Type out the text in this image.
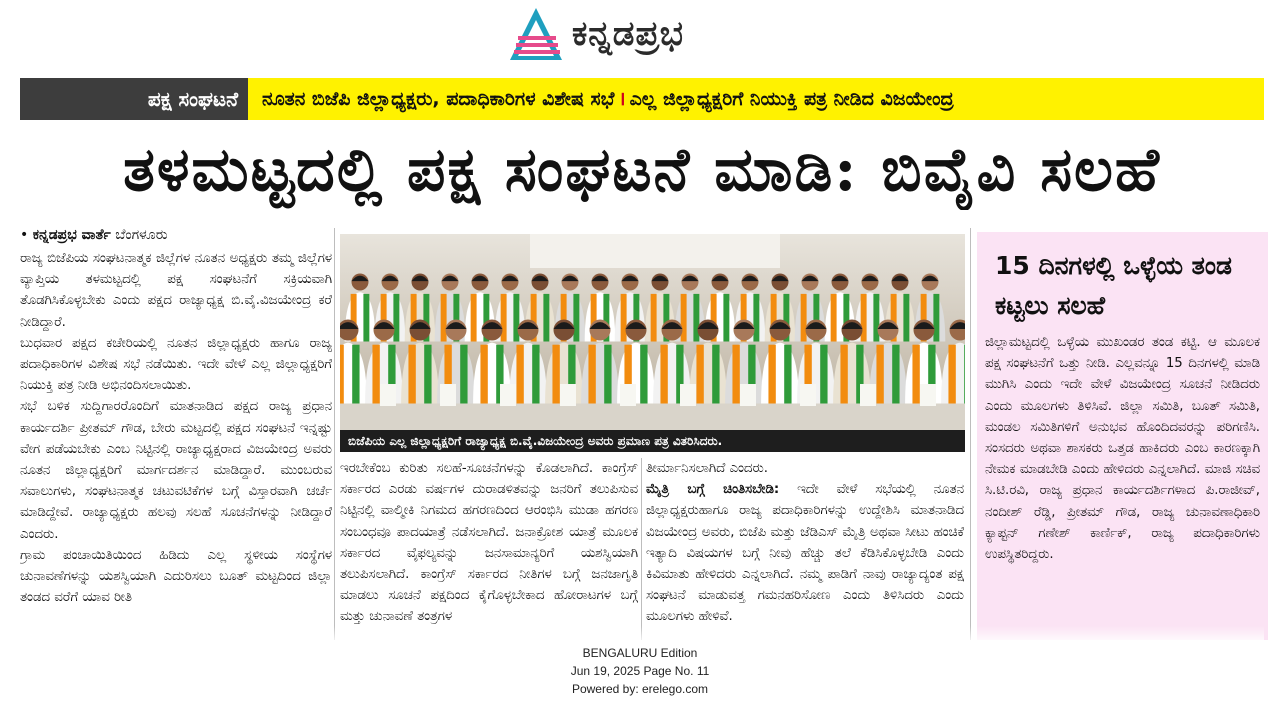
ಕನ್ನಡಪ್ರಭ
ಪಕ್ಷ ಸಂಘಟನೆ	ನೂತನ ಬಿಜೆಪಿ ಜಿಲ್ಲಾಧ್ಯಕ್ಷರು, ಪದಾಧಿಕಾರಿಗಳ ವಿಶೇಷ ಸಭೆ । ಎಲ್ಲ ಜಿಲ್ಲಾಧ್ಯಕ್ಷರಿಗೆ ನಿಯುಕ್ತಿ ಪತ್ರ ನೀಡಿದ ವಿಜಯೇಂದ್ರ
ತಳಮಟ್ಟದಲ್ಲಿ ಪಕ್ಷ ಸಂಘಟನೆ ಮಾಡಿ: ಬಿವೈವಿ ಸಲಹೆ
• ಕನ್ನಡಪ್ರಭ ವಾರ್ತೆ ಬೆಂಗಳೂರು

ರಾಜ್ಯ ಬಿಜೆಪಿಯ ಸಂಘಟನಾತ್ಮಕ ಜಿಲ್ಲೆಗಳ ನೂತನ ಅಧ್ಯಕ್ಷರು ತಮ್ಮ ಜಿಲ್ಲೆಗಳ ವ್ಯಾಪ್ತಿಯ ತಳಮಟ್ಟದಲ್ಲಿ ಪಕ್ಷ ಸಂಘಟನೆಗೆ ಸಕ್ರಿಯವಾಗಿ ತೊಡಗಿಸಿಕೊಳ್ಳಬೇಕು ಎಂದು ಪಕ್ಷದ ರಾಜ್ಯಾಧ್ಯಕ್ಷ ಬಿ.ವೈ.ವಿಜಯೇಂದ್ರ ಕರೆ ನೀಡಿದ್ದಾರೆ.

ಬುಧವಾರ ಪಕ್ಷದ ಕಚೇರಿಯಲ್ಲಿ ನೂತನ ಜಿಲ್ಲಾಧ್ಯಕ್ಷರು ಹಾಗೂ ರಾಜ್ಯ ಪದಾಧಿಕಾರಿಗಳ ವಿಶೇಷ ಸಭೆ ನಡೆಯಿತು. ಇದೇ ವೇಳೆ ಎಲ್ಲ ಜಿಲ್ಲಾಧ್ಯಕ್ಷರಿಗೆ ನಿಯುಕ್ತಿ ಪತ್ರ ನೀಡಿ ಅಭಿನಂದಿಸಲಾಯಿತು.

ಸಭೆ ಬಳಿಕ ಸುದ್ದಿಗಾರರೊಂದಿಗೆ ಮಾತನಾಡಿದ ಪಕ್ಷದ ರಾಜ್ಯ ಪ್ರಧಾನ ಕಾರ್ಯದರ್ಶಿ ಪ್ರೀತಮ್ ಗೌಡ, ಬೇರು ಮಟ್ಟದಲ್ಲಿ ಪಕ್ಷದ ಸಂಘಟನೆ ಇನ್ನಷ್ಟು ವೇಗ ಪಡೆಯಬೇಕು ಎಂಬ ನಿಟ್ಟಿನಲ್ಲಿ ರಾಜ್ಯಾಧ್ಯಕ್ಷರಾದ ವಿಜಯೇಂದ್ರ ಅವರು ನೂತನ ಜಿಲ್ಲಾಧ್ಯಕ್ಷರಿಗೆ ಮಾರ್ಗದರ್ಶನ ಮಾಡಿದ್ದಾರೆ. ಮುಂಬರುವ ಸವಾಲುಗಳು, ಸಂಘಟನಾತ್ಮಕ ಚಟುವಟಿಕೆಗಳ ಬಗ್ಗೆ ವಿಸ್ತಾರವಾಗಿ ಚರ್ಚೆ ಮಾಡಿದ್ದೇವೆ. ರಾಜ್ಯಾಧ್ಯಕ್ಷರು ಹಲವು ಸಲಹೆ ಸೂಚನೆಗಳನ್ನು ನೀಡಿದ್ದಾರೆ ಎಂದರು.

ಗ್ರಾಮ ಪಂಚಾಯಿತಿಯಿಂದ ಹಿಡಿದು ಎಲ್ಲ ಸ್ಥಳೀಯ ಸಂಸ್ಥೆಗಳ ಚುನಾವಣೆಗಳನ್ನು ಯಶಸ್ವಿಯಾಗಿ ಎದುರಿಸಲು ಬೂತ್ ಮಟ್ಟದಿಂದ ಜಿಲ್ಲಾ ತಂಡದ ವರೆಗೆ ಯಾವ ರೀತಿ

ಬಿಜೆಪಿಯ ಎಲ್ಲ ಜಿಲ್ಲಾಧ್ಯಕ್ಷರಿಗೆ ರಾಜ್ಯಾಧ್ಯಕ್ಷ ಬಿ.ವೈ.ವಿಜಯೇಂದ್ರ ಅವರು ಪ್ರಮಾಣ ಪತ್ರ ವಿತರಿಸಿದರು.

ಇರಬೇಕೆಂಬ ಕುರಿತು ಸಲಹೆ-ಸೂಚನೆಗಳನ್ನು ಕೊಡಲಾಗಿದೆ. ಕಾಂಗ್ರೆಸ್ ಸರ್ಕಾರದ ಎರಡು ವರ್ಷಗಳ ದುರಾಡಳಿತವನ್ನು ಜನರಿಗೆ ತಲುಪಿಸುವ ನಿಟ್ಟಿನಲ್ಲಿ ವಾಲ್ಮೀಕಿ ನಿಗಮದ ಹಗರಣದಿಂದ ಆರಂಭಿಸಿ ಮುಡಾ ಹಗರಣ ಸಂಬಂಧವೂ ಪಾದಯಾತ್ರೆ ನಡೆಸಲಾಗಿದೆ. ಜನಾಕ್ರೋಶ ಯಾತ್ರೆ ಮೂಲಕ ಸರ್ಕಾರದ ವೈಫಲ್ಯವನ್ನು ಜನಸಾಮಾನ್ಯರಿಗೆ ಯಶಸ್ವಿಯಾಗಿ ತಲುಪಿಸಲಾಗಿದೆ. ಕಾಂಗ್ರೆಸ್ ಸರ್ಕಾರದ ನೀತಿಗಳ ಬಗ್ಗೆ ಜನಜಾಗೃತಿ ಮಾಡಲು ಸೂಚನೆ ಪಕ್ಷದಿಂದ ಕೈಗೊಳ್ಳಬೇಕಾದ ಹೋರಾಟಗಳ ಬಗ್ಗೆ ಮತ್ತು ಚುನಾವಣೆ ತಂತ್ರಗಳ

ತೀರ್ಮಾನಿಸಲಾಗಿದೆ ಎಂದರು.

ಮೈತ್ರಿ ಬಗ್ಗೆ ಚಿಂತಿಸಬೇಡಿ: ಇದೇ ವೇಳೆ ಸಭೆಯಲ್ಲಿ ನೂತನ ಜಿಲ್ಲಾಧ್ಯಕ್ಷರುಹಾಗೂ ರಾಜ್ಯ ಪದಾಧಿಕಾರಿಗಳನ್ನು ಉದ್ದೇಶಿಸಿ ಮಾತನಾಡಿದ ವಿಜಯೇಂದ್ರ ಅವರು, ಬಿಜೆಪಿ ಮತ್ತು ಜೆಡಿಎಸ್ ಮೈತ್ರಿ ಅಥವಾ ಸೀಟು ಹಂಚಿಕೆ ಇತ್ಯಾದಿ ವಿಷಯಗಳ ಬಗ್ಗೆ ನೀವು ಹೆಚ್ಚು ತಲೆ ಕೆಡಿಸಿಕೊಳ್ಳಬೇಡಿ ಎಂದು ಕಿವಿಮಾತು ಹೇಳಿದರು ಎನ್ನಲಾಗಿದೆ. ನಮ್ಮ ಪಾಡಿಗೆ ನಾವು ರಾಜ್ಯಾದ್ಯಂತ ಪಕ್ಷ ಸಂಘಟನೆ ಮಾಡುವತ್ತ ಗಮನಹರಿಸೋಣ ಎಂದು ತಿಳಿಸಿದರು ಎಂದು ಮೂಲಗಳು ಹೇಳಿವೆ.

15 ದಿನಗಳಲ್ಲಿ ಒಳ್ಳೆಯ ತಂಡ ಕಟ್ಟಲು ಸಲಹೆ

ಜಿಲ್ಲಾಮಟ್ಟದಲ್ಲಿ ಒಳ್ಳೆಯ ಮುಖಂಡರ ತಂಡ ಕಟ್ಟಿ. ಆ ಮೂಲಕ ಪಕ್ಷ ಸಂಘಟನೆಗೆ ಒತ್ತು ನೀಡಿ. ಎಲ್ಲವನ್ನೂ 15 ದಿನಗಳಲ್ಲಿ ಮಾಡಿ ಮುಗಿಸಿ ಎಂದು ಇದೇ ವೇಳೆ ವಿಜಯೇಂದ್ರ ಸೂಚನೆ ನೀಡಿದರು ಎಂದು ಮೂಲಗಳು ತಿಳಿಸಿವೆ. ಜಿಲ್ಲಾ ಸಮಿತಿ, ಬೂತ್ ಸಮಿತಿ, ಮಂಡಲ ಸಮಿತಿಗಳಿಗೆ ಅನುಭವ ಹೊಂದಿದವರನ್ನು ಪರಿಗಣಿಸಿ. ಸಂಸದರು ಅಥವಾ ಶಾಸಕರು ಒತ್ತಡ ಹಾಕಿದರು ಎಂಬ ಕಾರಣಕ್ಕಾಗಿ ನೇಮಕ ಮಾಡಬೇಡಿ ಎಂದು ಹೇಳಿದರು ಎನ್ನಲಾಗಿದೆ. ಮಾಜಿ ಸಚಿವ ಸಿ.ಟಿ.ರವಿ, ರಾಜ್ಯ ಪ್ರಧಾನ ಕಾರ್ಯದರ್ಶಿಗಳಾದ ಪಿ.ರಾಜೀವ್, ನಂದೀಶ್ ರೆಡ್ಡಿ, ಪ್ರೀತಮ್ ಗೌಡ, ರಾಜ್ಯ ಚುನಾವಣಾಧಿಕಾರಿ ಕ್ಯಾಪ್ಟನ್ ಗಣೇಶ್ ಕಾರ್ಣಿಕ್, ರಾಜ್ಯ ಪದಾಧಿಕಾರಿಗಳು ಉಪಸ್ಥಿತರಿದ್ದರು.

BENGALURU Edition
Jun 19, 2025 Page No. 11
Powered by: erelego.com
